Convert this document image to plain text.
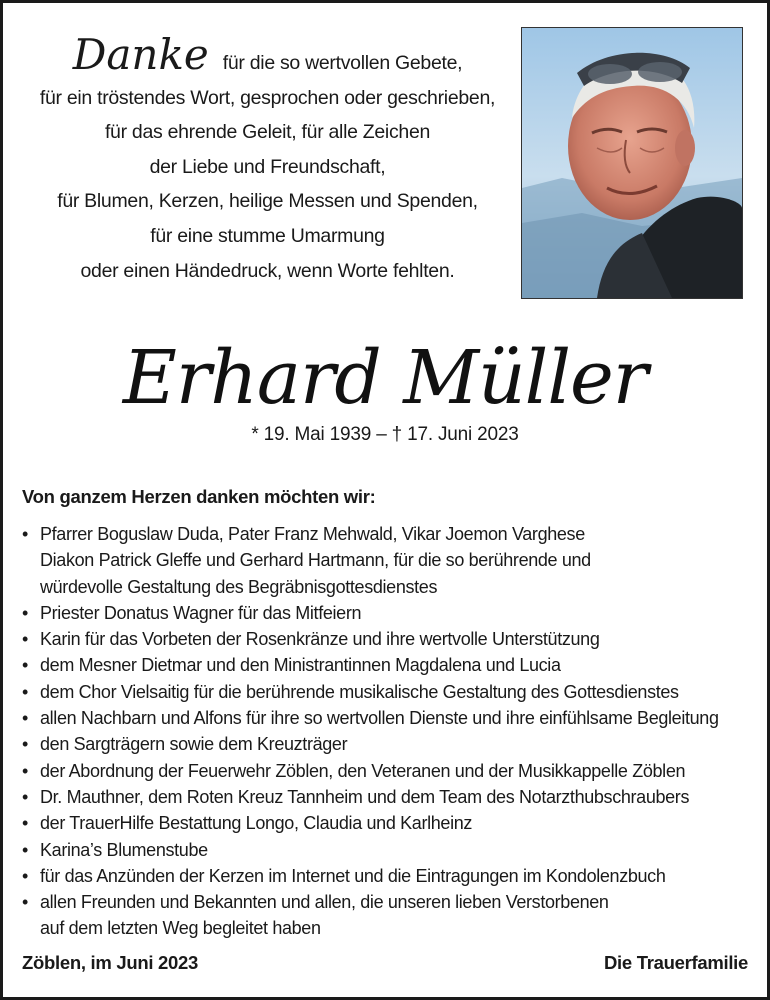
Danke für die so wertvollen Gebete,
für ein tröstendes Wort, gesprochen oder geschrieben,
für das ehrende Geleit, für alle Zeichen
der Liebe und Freundschaft,
für Blumen, Kerzen, heilige Messen und Spenden,
für eine stumme Umarmung
oder einen Händedruck, wenn Worte fehlten.
Erhard Müller
* 19. Mai 1939 – † 17. Juni 2023
Von ganzem Herzen danken möchten wir:
• Pfarrer Boguslaw Duda, Pater Franz Mehwald, Vikar Joemon Varghese
Diakon Patrick Gleffe und Gerhard Hartmann, für die so berührende und
würdevolle Gestaltung des Begräbnisgottesdienstes
• Priester Donatus Wagner für das Mitfeiern
• Karin für das Vorbeten der Rosenkränze und ihre wertvolle Unterstützung
• dem Mesner Dietmar und den Ministrantinnen Magdalena und Lucia
• dem Chor Vielsaitig für die berührende musikalische Gestaltung des Gottesdienstes
• allen Nachbarn und Alfons für ihre so wertvollen Dienste und ihre einfühlsame Begleitung
• den Sargträgern sowie dem Kreuzträger
• der Abordnung der Feuerwehr Zöblen, den Veteranen und der Musikkappelle Zöblen
• Dr. Mauthner, dem Roten Kreuz Tannheim und dem Team des Notarzthubschraubers
• der TrauerHilfe Bestattung Longo, Claudia und Karlheinz
• Karina’s Blumenstube
• für das Anzünden der Kerzen im Internet und die Eintragungen im Kondolenzbuch
• allen Freunden und Bekannten und allen, die unseren lieben Verstorbenen
auf dem letzten Weg begleitet haben
Zöblen, im Juni 2023	Die Trauerfamilie
